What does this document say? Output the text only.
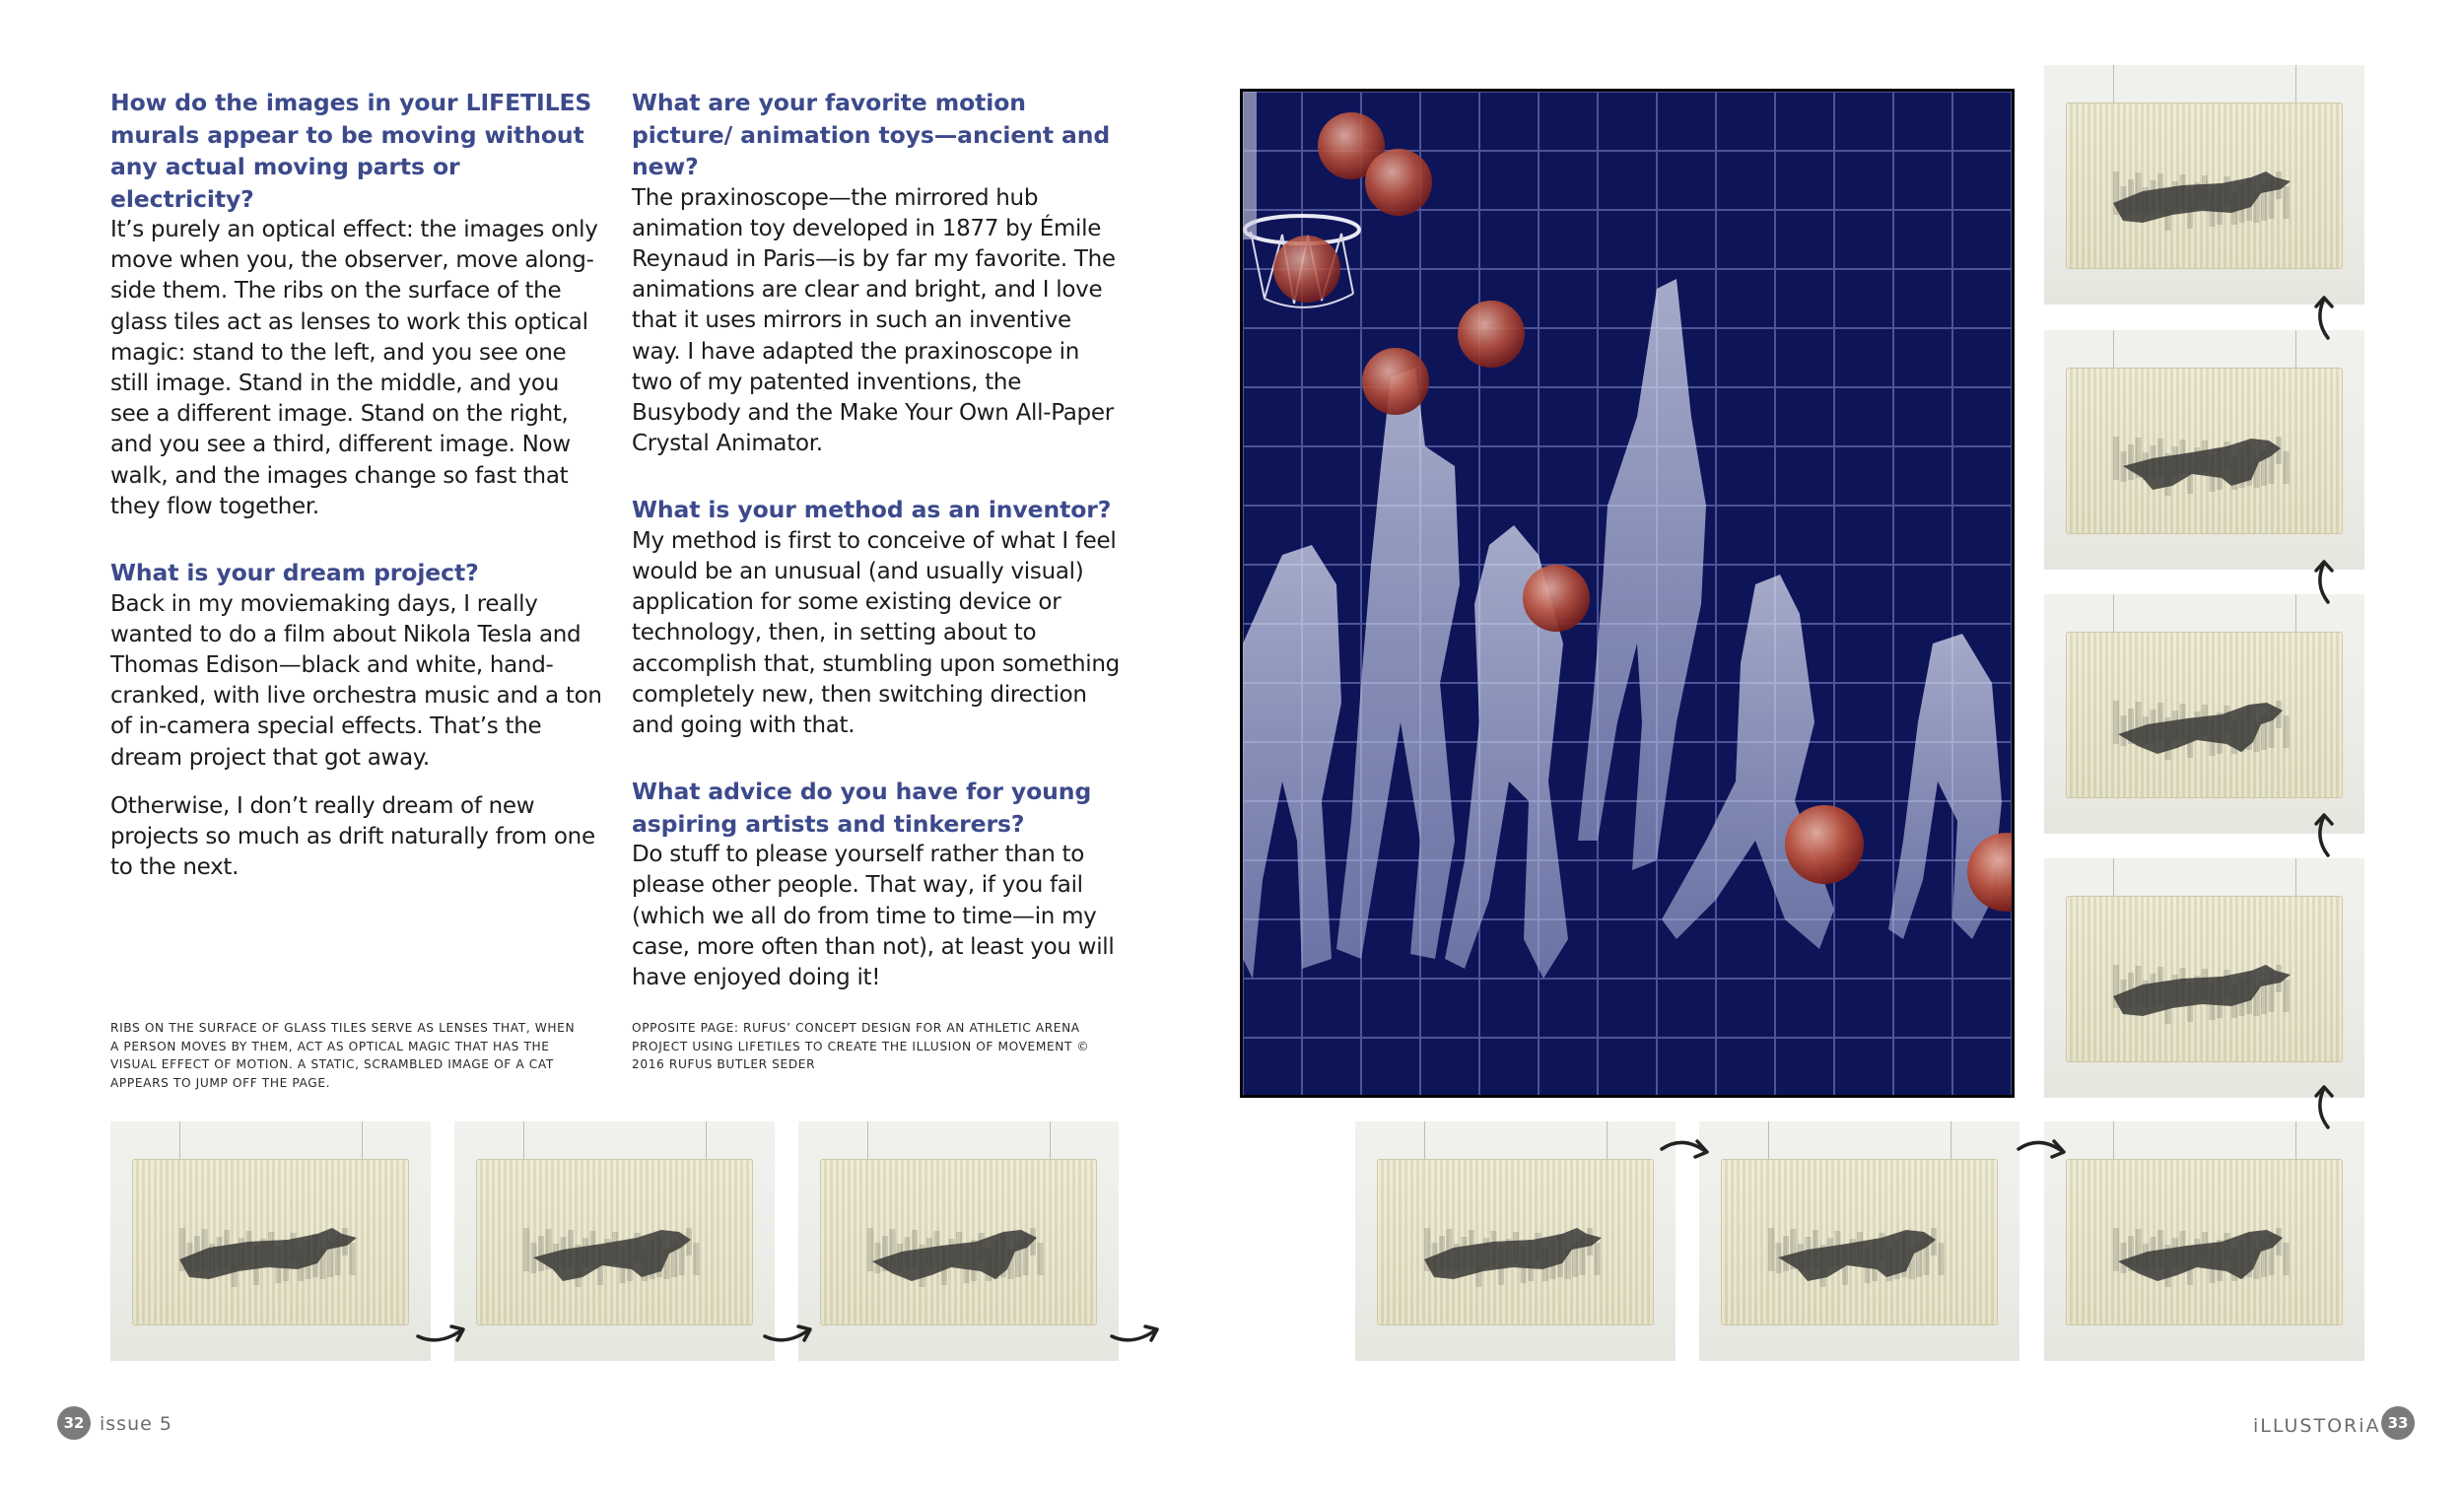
How do the images in your LIFETILES murals appear to be moving without any actual moving parts or electricity?

It’s purely an optical effect: the images only move when you, the observer, move along-side them. The ribs on the surface of the glass tiles act as lenses to work this optical magic: stand to the left, and you see one still image. Stand in the middle, and you see a different image. Stand on the right, and you see a third, different image. Now walk, and the images change so fast that they flow together.

What is your dream project?

Back in my moviemaking days, I really wanted to do a film about Nikola Tesla and Thomas Edison—black and white, hand-cranked, with live orchestra music and a ton of in-camera special effects. That’s the dream project that got away.

Otherwise, I don’t really dream of new projects so much as drift naturally from one to the next.

What are your favorite motion picture/ animation toys—ancient and new?

The praxinoscope—the mirrored hub animation toy developed in 1877 by Émile Reynaud in Paris—is by far my favorite. The animations are clear and bright, and I love that it uses mirrors in such an inventive way. I have adapted the praxinoscope in two of my patented inventions, the Busybody and the Make Your Own All-Paper Crystal Animator.

What is your method as an inventor?

My method is first to conceive of what I feel would be an unusual (and usually visual) application for some existing device or technology, then, in setting about to accomplish that, stumbling upon something completely new, then switching direction and going with that.

What advice do you have for young aspiring artists and tinkerers?

Do stuff to please yourself rather than to please other people. That way, if you fail (which we all do from time to time—in my case, more often than not), at least you will have enjoyed doing it!

RIBS ON THE SURFACE OF GLASS TILES SERVE AS LENSES THAT, WHEN A PERSON MOVES BY THEM, ACT AS OPTICAL MAGIC THAT HAS THE VISUAL EFFECT OF MOTION. A STATIC, SCRAMBLED IMAGE OF A CAT APPEARS TO JUMP OFF THE PAGE.
OPPOSITE PAGE: RUFUS’ CONCEPT DESIGN FOR AN ATHLETIC ARENA PROJECT USING LIFETILES TO CREATE THE ILLUSION OF MOVEMENT © 2016 RUFUS BUTLER SEDER
32 issue 5	iLLUSTORiA 33
